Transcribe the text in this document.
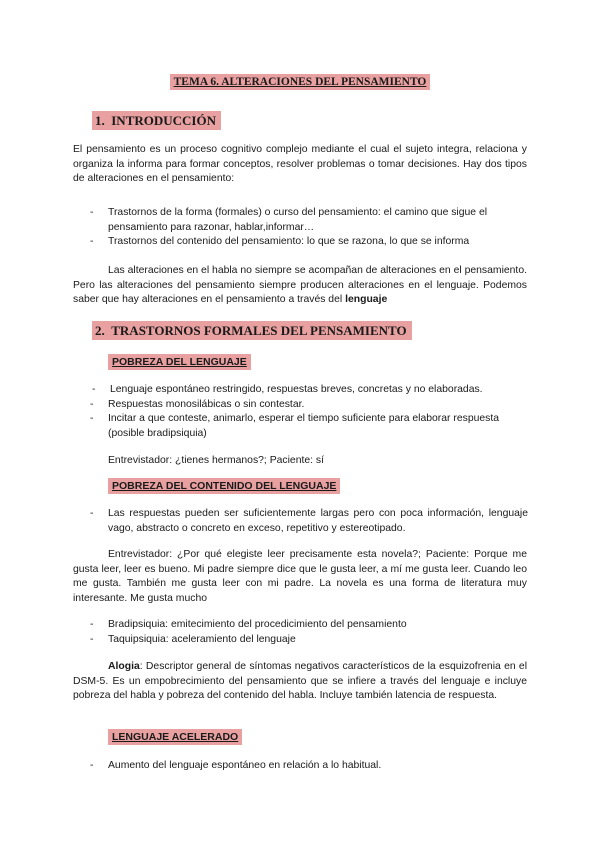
TEMA 6. ALTERACIONES DEL PENSAMIENTO
1. INTRODUCCIÓN
El pensamiento es un proceso cognitivo complejo mediante el cual el sujeto integra, relaciona y organiza la informa para formar conceptos, resolver problemas o tomar decisiones. Hay dos tipos de alteraciones en el pensamiento:
- Trastornos de la forma (formales) o curso del pensamiento: el camino que sigue el pensamiento para razonar, hablar,informar…
- Trastornos del contenido del pensamiento: lo que se razona, lo que se informa
Las alteraciones en el habla no siempre se acompañan de alteraciones en el pensamiento. Pero las alteraciones del pensamiento siempre producen alteraciones en el lenguaje. Podemos saber que hay alteraciones en el pensamiento a través del lenguaje
2. TRASTORNOS FORMALES DEL PENSAMIENTO
POBREZA DEL LENGUAJE
- Lenguaje espontáneo restringido, respuestas breves, concretas y no elaboradas.
- Respuestas monosilábicas o sin contestar.
- Incitar a que conteste, animarlo, esperar el tiempo suficiente para elaborar respuesta (posible bradipsiquia)
Entrevistador: ¿tienes hermanos?; Paciente: sí
POBREZA DEL CONTENIDO DEL LENGUAJE
- Las respuestas pueden ser suficientemente largas pero con poca información, lenguaje vago, abstracto o concreto en exceso, repetitivo y estereotipado.
Entrevistador: ¿Por qué elegiste leer precisamente esta novela?; Paciente: Porque me gusta leer, leer es bueno. Mi padre siempre dice que le gusta leer, a mí me gusta leer. Cuando leo me gusta. También me gusta leer con mi padre. La novela es una forma de literatura muy interesante. Me gusta mucho
- Bradipsiquia: emitecimiento del procedicimiento del pensamiento
- Taquipsiquia: aceleramiento del lenguaje
Alogia: Descriptor general de síntomas negativos característicos de la esquizofrenia en el DSM-5. Es un empobrecimiento del pensamiento que se infiere a través del lenguaje e incluye pobreza del habla y pobreza del contenido del habla. Incluye también latencia de respuesta.
LENGUAJE ACELERADO
- Aumento del lenguaje espontáneo en relación a lo habitual.
